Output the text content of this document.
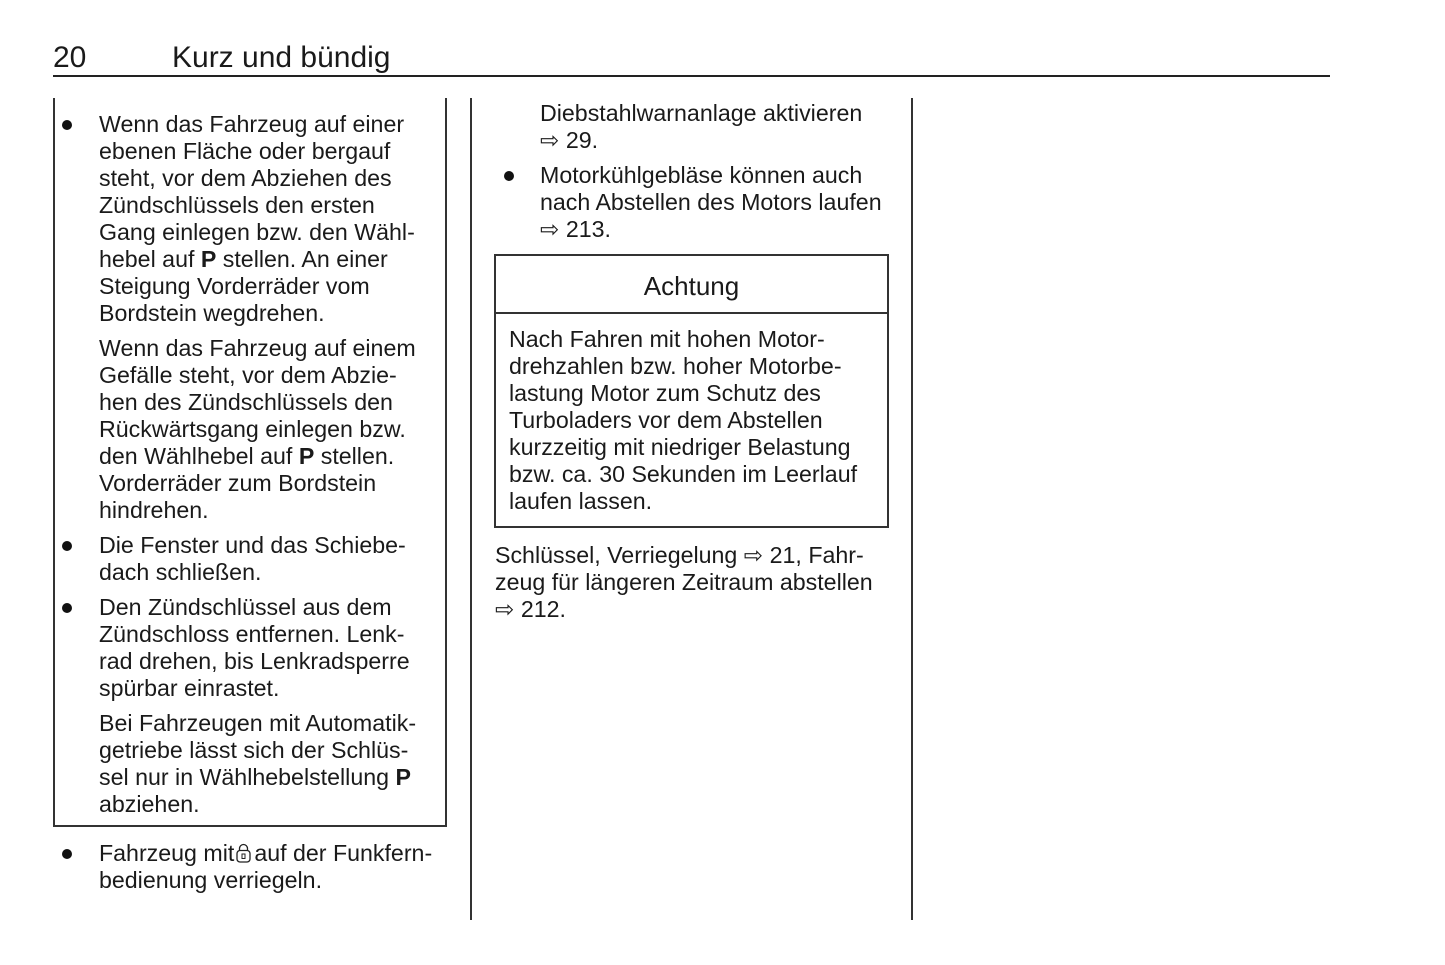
20	Kurz und bündig
Wenn das Fahrzeug auf einer
ebenen Fläche oder bergauf
steht, vor dem Abziehen des
Zündschlüssels den ersten
Gang einlegen bzw. den Wähl-
hebel auf P stellen. An einer
Steigung Vorderräder vom
Bordstein wegdrehen.
Wenn das Fahrzeug auf einem
Gefälle steht, vor dem Abzie-
hen des Zündschlüssels den
Rückwärtsgang einlegen bzw.
den Wählhebel auf P stellen.
Vorderräder zum Bordstein
hindrehen.
Die Fenster und das Schiebe-
dach schließen.
Den Zündschlüssel aus dem
Zündschloss entfernen. Lenk-
rad drehen, bis Lenkradsperre
spürbar einrastet.
Bei Fahrzeugen mit Automatik-
getriebe lässt sich der Schlüs-
sel nur in Wählhebelstellung P
abziehen.
Fahrzeug mit auf der Funkfern-
bedienung verriegeln.
Diebstahlwarnanlage aktivieren
⇨ 29.
Motorkühlgebläse können auch
nach Abstellen des Motors laufen
⇨ 213.
Achtung
Nach Fahren mit hohen Motor-
drehzahlen bzw. hoher Motorbe-
lastung Motor zum Schutz des
Turboladers vor dem Abstellen
kurzzeitig mit niedriger Belastung
bzw. ca. 30 Sekunden im Leerlauf
laufen lassen.
Schlüssel, Verriegelung ⇨ 21, Fahr-
zeug für längeren Zeitraum abstellen
⇨ 212.
